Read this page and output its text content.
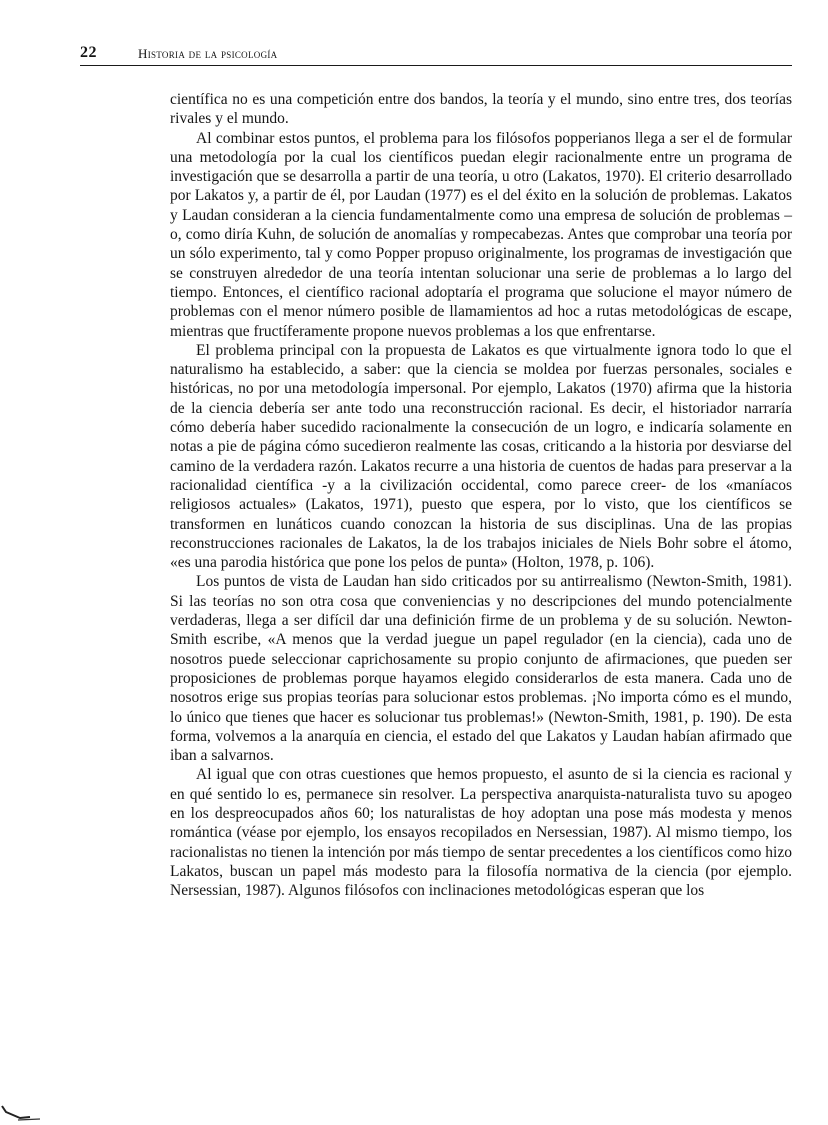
22	Historia de la psicología

científica no es una competición entre dos bandos, la teoría y el mundo, sino entre tres, dos teorías rivales y el mundo.

Al combinar estos puntos, el problema para los filósofos popperianos llega a ser el de formular una metodología por la cual los científicos puedan elegir racionalmente entre un programa de investigación que se desarrolla a partir de una teoría, u otro (Lakatos, 1970). El criterio desarrollado por Lakatos y, a partir de él, por Laudan (1977) es el del éxito en la solución de problemas. Lakatos y Laudan consideran a la ciencia fundamentalmente como una empresa de solución de problemas –o, como diría Kuhn, de solución de anomalías y rompecabezas. Antes que comprobar una teoría por un sólo experimento, tal y como Popper propuso originalmente, los programas de investigación que se construyen alrededor de una teoría intentan solucionar una serie de problemas a lo largo del tiempo. Entonces, el científico racional adoptaría el programa que solucione el mayor número de problemas con el menor número posible de llamamientos ad hoc a rutas metodológicas de escape, mientras que fructíferamente propone nuevos problemas a los que enfrentarse.

El problema principal con la propuesta de Lakatos es que virtualmente ignora todo lo que el naturalismo ha establecido, a saber: que la ciencia se moldea por fuerzas personales, sociales e históricas, no por una metodología impersonal. Por ejemplo, Lakatos (1970) afirma que la historia de la ciencia debería ser ante todo una reconstrucción racional. Es decir, el historiador narraría cómo debería haber sucedido racionalmente la consecución de un logro, e indicaría solamente en notas a pie de página cómo sucedieron realmente las cosas, criticando a la historia por desviarse del camino de la verdadera razón. Lakatos recurre a una historia de cuentos de hadas para preservar a la racionalidad científica -y a la civilización occidental, como parece creer- de los «maníacos religiosos actuales» (Lakatos, 1971), puesto que espera, por lo visto, que los científicos se transformen en lunáticos cuando conozcan la historia de sus disciplinas. Una de las propias reconstrucciones racionales de Lakatos, la de los trabajos iniciales de Niels Bohr sobre el átomo, «es una parodia histórica que pone los pelos de punta» (Holton, 1978, p. 106).

Los puntos de vista de Laudan han sido criticados por su antirrealismo (Newton-Smith, 1981). Si las teorías no son otra cosa que conveniencias y no descripciones del mundo potencialmente verdaderas, llega a ser difícil dar una definición firme de un problema y de su solución. Newton-Smith escribe, «A menos que la verdad juegue un papel regulador (en la ciencia), cada uno de nosotros puede seleccionar caprichosamente su propio conjunto de afirmaciones, que pueden ser proposiciones de problemas porque hayamos elegido considerarlos de esta manera. Cada uno de nosotros erige sus propias teorías para solucionar estos problemas. ¡No importa cómo es el mundo, lo único que tienes que hacer es solucionar tus problemas!» (Newton-Smith, 1981, p. 190). De esta forma, volvemos a la anarquía en ciencia, el estado del que Lakatos y Laudan habían afirmado que iban a salvarnos.

Al igual que con otras cuestiones que hemos propuesto, el asunto de si la ciencia es racional y en qué sentido lo es, permanece sin resolver. La perspectiva anarquista-naturalista tuvo su apogeo en los despreocupados años 60; los naturalistas de hoy adoptan una pose más modesta y menos romántica (véase por ejemplo, los ensayos recopilados en Nersessian, 1987). Al mismo tiempo, los racionalistas no tienen la intención por más tiempo de sentar precedentes a los científicos como hizo Lakatos, buscan un papel más modesto para la filosofía normativa de la ciencia (por ejemplo. Nersessian, 1987). Algunos filósofos con inclinaciones metodológicas esperan que los
